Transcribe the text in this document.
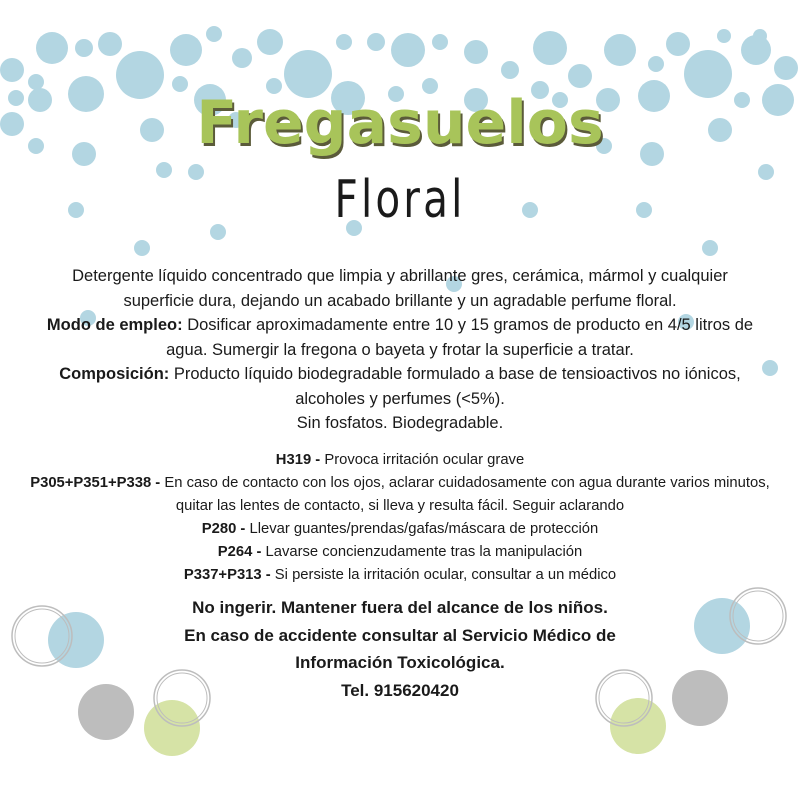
Fregasuelos
Floral
Detergente líquido concentrado que limpia y abrillante gres, cerámica, mármol y cualquier superficie dura, dejando un acabado brillante y un agradable perfume floral.
Modo de empleo: Dosificar aproximadamente entre 10 y 15 gramos de producto en 4/5 litros de agua. Sumergir la fregona o bayeta y frotar la superficie a tratar.
Composición: Producto líquido biodegradable formulado a base de tensioactivos no iónicos, alcoholes y perfumes (<5%).
Sin fosfatos. Biodegradable.
H319 - Provoca irritación ocular grave
P305+P351+P338 - En caso de contacto con los ojos, aclarar cuidadosamente con agua durante varios minutos, quitar las lentes de contacto, si lleva y resulta fácil. Seguir aclarando
P280 - Llevar guantes/prendas/gafas/máscara de protección
P264 - Lavarse concienzudamente tras la manipulación
P337+P313 - Si persiste la irritación ocular, consultar a un médico
No ingerir. Mantener fuera del alcance de los niños.
En caso de accidente consultar al Servicio Médico de
Información Toxicológica.
Tel. 915620420
